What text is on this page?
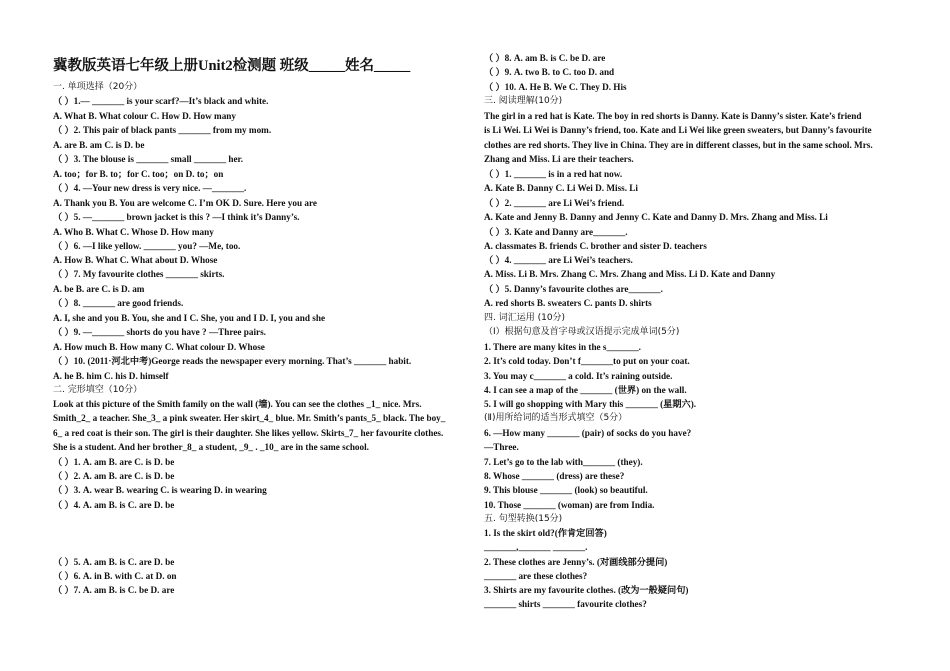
冀教版英语七年级上册Unit2检测题 班级_____姓名_____
一. 单项选择（20分）
（ ）1.— _______ is your scarf?—It’s black and white.
A. What B. What colour C. How D. How many
（ ）2. This pair of black pants _______ from my mom.
A. are B. am C. is D. be
（ ）3. The blouse is _______ small _______ her.
A. too；for B. to；for C. too；on D. to；on
（ ）4. —Your new dress is very nice. —_______.
A. Thank you B. You are welcome C. I’m OK D. Sure. Here you are
（ ）5. —_______ brown jacket is this ? —I think it’s Danny’s.
A. Who B. What C. Whose D. How many
（ ）6. —I like yellow. _______ you? —Me, too.
A. How B. What C. What about D. Whose
（ ）7. My favourite clothes _______ skirts.
A. be B. are C. is D. am
（ ）8. _______ are good friends.
A. I, she and you B. You, she and I C. She, you and I D. I, you and she
（ ）9. —_______ shorts do you have ? —Three pairs.
A. How much B. How many C. What colour D. Whose
（ ）10. (2011·河北中考)George reads the newspaper every morning. That’s _______ habit.
A. he B. him C. his D. himself
二. 完形填空（10分）
Look at this picture of the Smith family on the wall (墙). You can see the clothes _1_ nice. Mrs.
Smith_2_ a teacher. She_3_ a pink sweater. Her skirt_4_ blue. Mr. Smith’s pants_5_ black. The boy_
6_ a red coat is their son. The girl is their daughter. She likes yellow. Skirts_7_ her favourite clothes.
She is a student. And her brother_8_ a student, _9_ . _10_ are in the same school.
（ ）1. A. am B. are C. is D. be
（ ）2. A. am B. are C. is D. be
（ ）3. A. wear B. wearing C. is wearing D. in wearing
（ ）4. A. am B. is C. are D. be
（ ）5. A. am B. is C. are D. be
（ ）6. A. in B. with C. at D. on
（ ）7. A. am B. is C. be D. are
（ ）8. A. am B. is C. be D. are
（ ）9. A. two B. to C. too D. and
（ ）10. A. He B. We C. They D. His
三. 阅读理解(10分)
The girl in a red hat is Kate. The boy in red shorts is Danny. Kate is Danny’s sister. Kate’s friend
is Li Wei. Li Wei is Danny’s friend, too. Kate and Li Wei like green sweaters, but Danny’s favourite
clothes are red shorts. They live in China. They are in different classes, but in the same school. Mrs.
Zhang and Miss. Li are their teachers.
（ ）1. _______ is in a red hat now.
A. Kate B. Danny C. Li Wei D. Miss. Li
（ ）2. _______ are Li Wei’s friend.
A. Kate and Jenny B. Danny and Jenny C. Kate and Danny D. Mrs. Zhang and Miss. Li
（ ）3. Kate and Danny are_______.
A. classmates B. friends C. brother and sister D. teachers
（ ）4. _______ are Li Wei’s teachers.
A. Miss. Li B. Mrs. Zhang C. Mrs. Zhang and Miss. Li D. Kate and Danny
（ ）5. Danny’s favourite clothes are_______.
A. red shorts B. sweaters C. pants D. shirts
四. 词汇运用 (10分)
（Ⅰ）根据句意及首字母或汉语提示完成单词(5分)
1. There are many kites in the s_______.
2. It’s cold today. Don’t f_______to put on your coat.
3. You may c_______ a cold. It’s raining outside.
4. I can see a map of the _______ (世界) on the wall.
5. I will go shopping with Mary this _______ (星期六).
(Ⅱ)用所给词的适当形式填空（5分）
6. —How many _______ (pair) of socks do you have?
—Three.
7. Let’s go to the lab with_______ (they).
8. Whose _______ (dress) are these?
9. This blouse _______ (look) so beautiful.
10. Those _______ (woman) are from India.
五. 句型转换(15分)
1. Is the skirt old?(作肯定回答)
_______,_______ _______.
2. These clothes are Jenny’s. (对画线部分提问)
_______ are these clothes?
3. Shirts are my favourite clothes. (改为一般疑问句)
_______ shirts _______ favourite clothes?
